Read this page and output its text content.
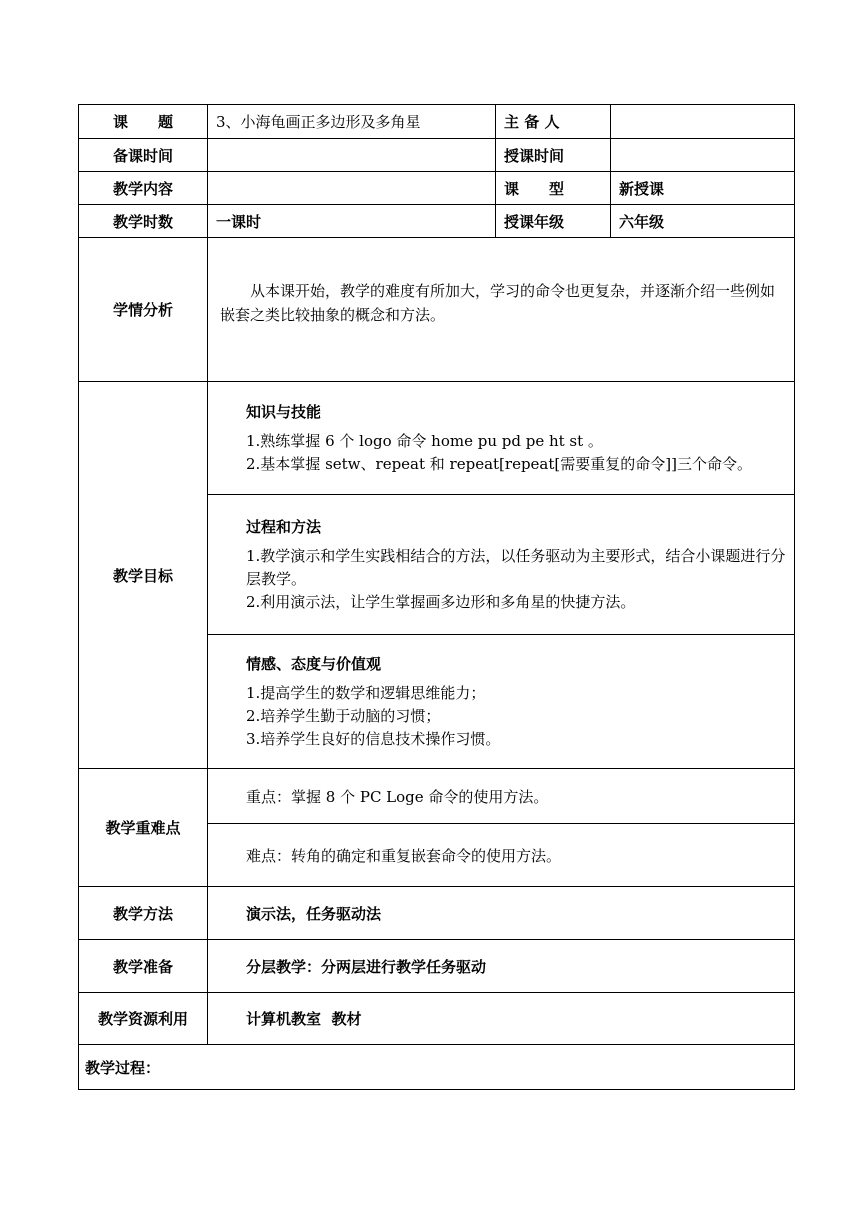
课　　题	3、小海龟画正多边形及多角星	主 备 人	
备课时间		授课时间	
教学内容		课　　型	新授课
教学时数	一课时	授课年级	六年级
学情分析	从本课开始，教学的难度有所加大，学习的命令也更复杂，并逐渐介绍一些例如嵌套之类比较抽象的概念和方法。		

教学目标	知识与技能
1.熟练掌握 6 个 logo 命令 home pu pd pe ht st 。
2.基本掌握 setw、repeat 和 repeat[repeat[需要重复的命令]]三个命令。		

	过程和方法
1.教学演示和学生实践相结合的方法，以任务驱动为主要形式，结合小课题进行分层教学。
2.利用演示法，让学生掌握画多边形和多角星的快捷方法。		

	情感、态度与价值观
1.提高学生的数学和逻辑思维能力；
2.培养学生勤于动脑的习惯；
3.培养学生良好的信息技术操作习惯。		

教学重难点	重点：掌握 8 个 PC Loge 命令的使用方法。		
	难点：转角的确定和重复嵌套命令的使用方法。		
教学方法	演示法，任务驱动法		
教学准备	分层教学：分两层进行教学任务驱动		
教学资源利用	计算机教室  教材		
教学过程：			
